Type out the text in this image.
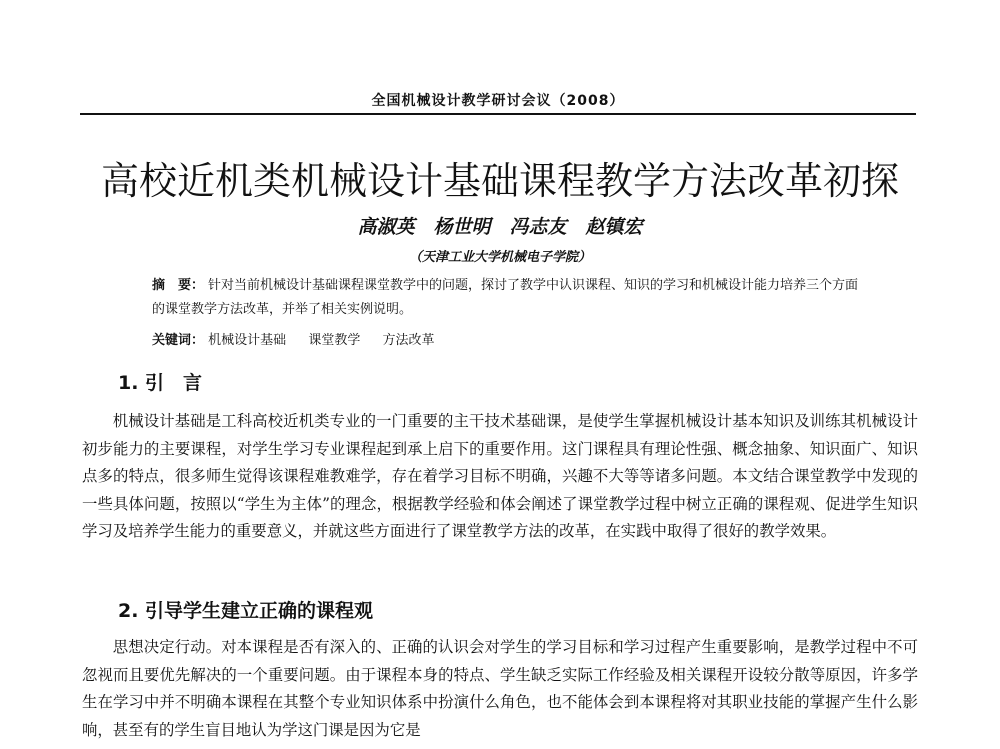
全国机械设计教学研讨会议（2008）
高校近机类机械设计基础课程教学方法改革初探
高淑英　杨世明　冯志友　赵镇宏
（天津工业大学机械电子学院）
摘　要： 针对当前机械设计基础课程课堂教学中的问题，探讨了教学中认识课程、知识的学习和机械设计能力培养三个方面的课堂教学方法改革，并举了相关实例说明。
关键词： 机械设计基础 课堂教学 方法改革
1. 引　言
机械设计基础是工科高校近机类专业的一门重要的主干技术基础课，是使学生掌握机械设计基本知识及训练其机械设计初步能力的主要课程，对学生学习专业课程起到承上启下的重要作用。这门课程具有理论性强、概念抽象、知识面广、知识点多的特点，很多师生觉得该课程难教难学，存在着学习目标不明确，兴趣不大等等诸多问题。本文结合课堂教学中发现的一些具体问题，按照以“学生为主体”的理念，根据教学经验和体会阐述了课堂教学过程中树立正确的课程观、促进学生知识学习及培养学生能力的重要意义，并就这些方面进行了课堂教学方法的改革，在实践中取得了很好的教学效果。
2. 引导学生建立正确的课程观
思想决定行动。对本课程是否有深入的、正确的认识会对学生的学习目标和学习过程产生重要影响，是教学过程中不可忽视而且要优先解决的一个重要问题。由于课程本身的特点、学生缺乏实际工作经验及相关课程开设较分散等原因，许多学生在学习中并不明确本课程在其整个专业知识体系中扮演什么角色，也不能体会到本课程将对其职业技能的掌握产生什么影响，甚至有的学生盲目地认为学这门课是因为它是
